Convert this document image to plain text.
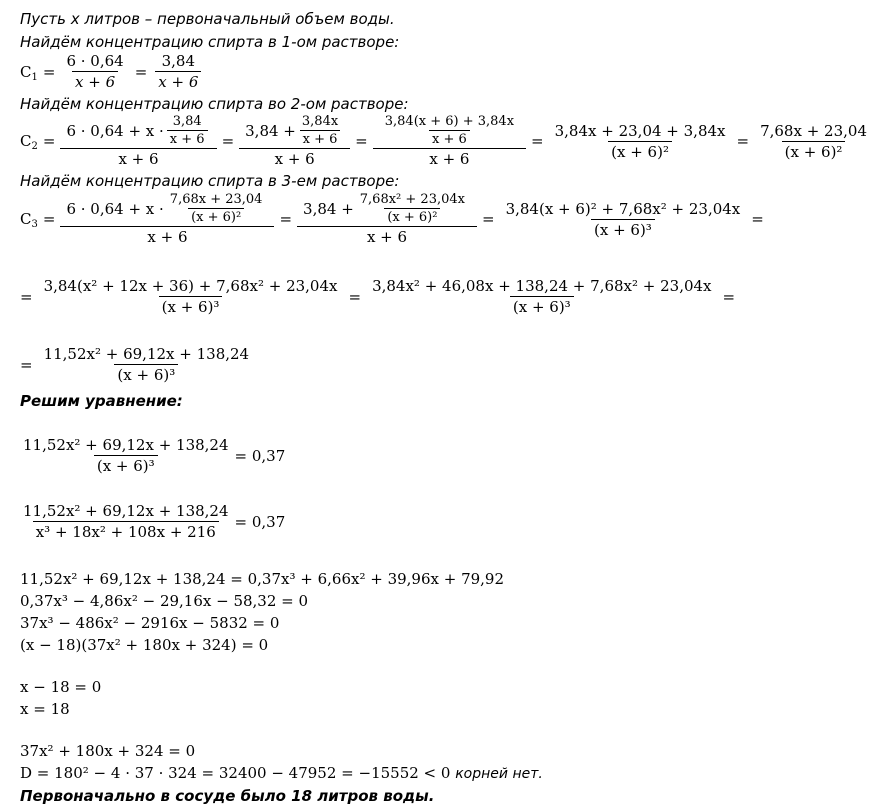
Пусть x литров – первоначальный объем воды.
Найдём концентрацию спирта в 1-ом растворе:
$C_1 = \frac{6 \cdot 0,64}{x + 6} = \frac{3,84}{x + 6}$
Найдём концентрацию спирта во 2-ом растворе:
$C_2 = \frac{6 \cdot 0,64 + x \cdot \frac{3,84}{x + 6}}{x + 6} = \frac{3,84 + \frac{3,84x}{x + 6}}{x + 6} = \frac{\frac{3,84(x + 6) + 3,84x}{x + 6}}{x + 6} = \frac{3,84x + 23,04 + 3,84x}{\text{(x + 6)²}} = \frac{7,68x + 23,04}{\text{(x + 6)²}}$
Найдём концентрацию спирта в 3-ем растворе:
$C_3 = \frac{6 \cdot 0,64 + x \cdot \frac{7,68x + 23,04}{\text{(x + 6)²}}}{x + 6} = \frac{3,84 + \frac{\text{7,68x² + 23,04x}}{\text{(x + 6)²}}}{x + 6} = \frac{\text{3,84(x + 6)² + 7,68x² + 23,04x}}{\text{(x + 6)³}}$ =
= $\frac{\text{3,84(x² + 12x + 36) + 7,68x² + 23,04x}}{\text{(x + 6)³}} = \frac{\text{3,84x² + 46,08x + 138,24 + 7,68x² + 23,04x}}{\text{(x + 6)³}}$ =
= $\frac{\text{11,52x² + 69,12x + 138,24}}{\text{(x + 6)³}}$
Решим уравнение:
$\frac{\text{11,52x² + 69,12x + 138,24}}{\text{(x + 6)³}} = 0,37$
$\frac{\text{11,52x² + 69,12x + 138,24}}{\text{x³ + 18x² + 108x + 216}} = 0,37$
11,52x² + 69,12x + 138,24 = 0,37x³ + 6,66x² + 39,96x + 79,92
0,37x³ − 4,86x² − 29,16x − 58,32 = 0
37x³ − 486x² − 2916x − 5832 = 0
(x − 18)(37x² + 180x + 324) = 0
x − 18 = 0
x = 18
37x² + 180x + 324 = 0
D = 180² − 4 · 37 · 324 = 32400 − 47952 = −15552 < 0 корней нет.
Первоначально в сосуде было 18 литров воды.
